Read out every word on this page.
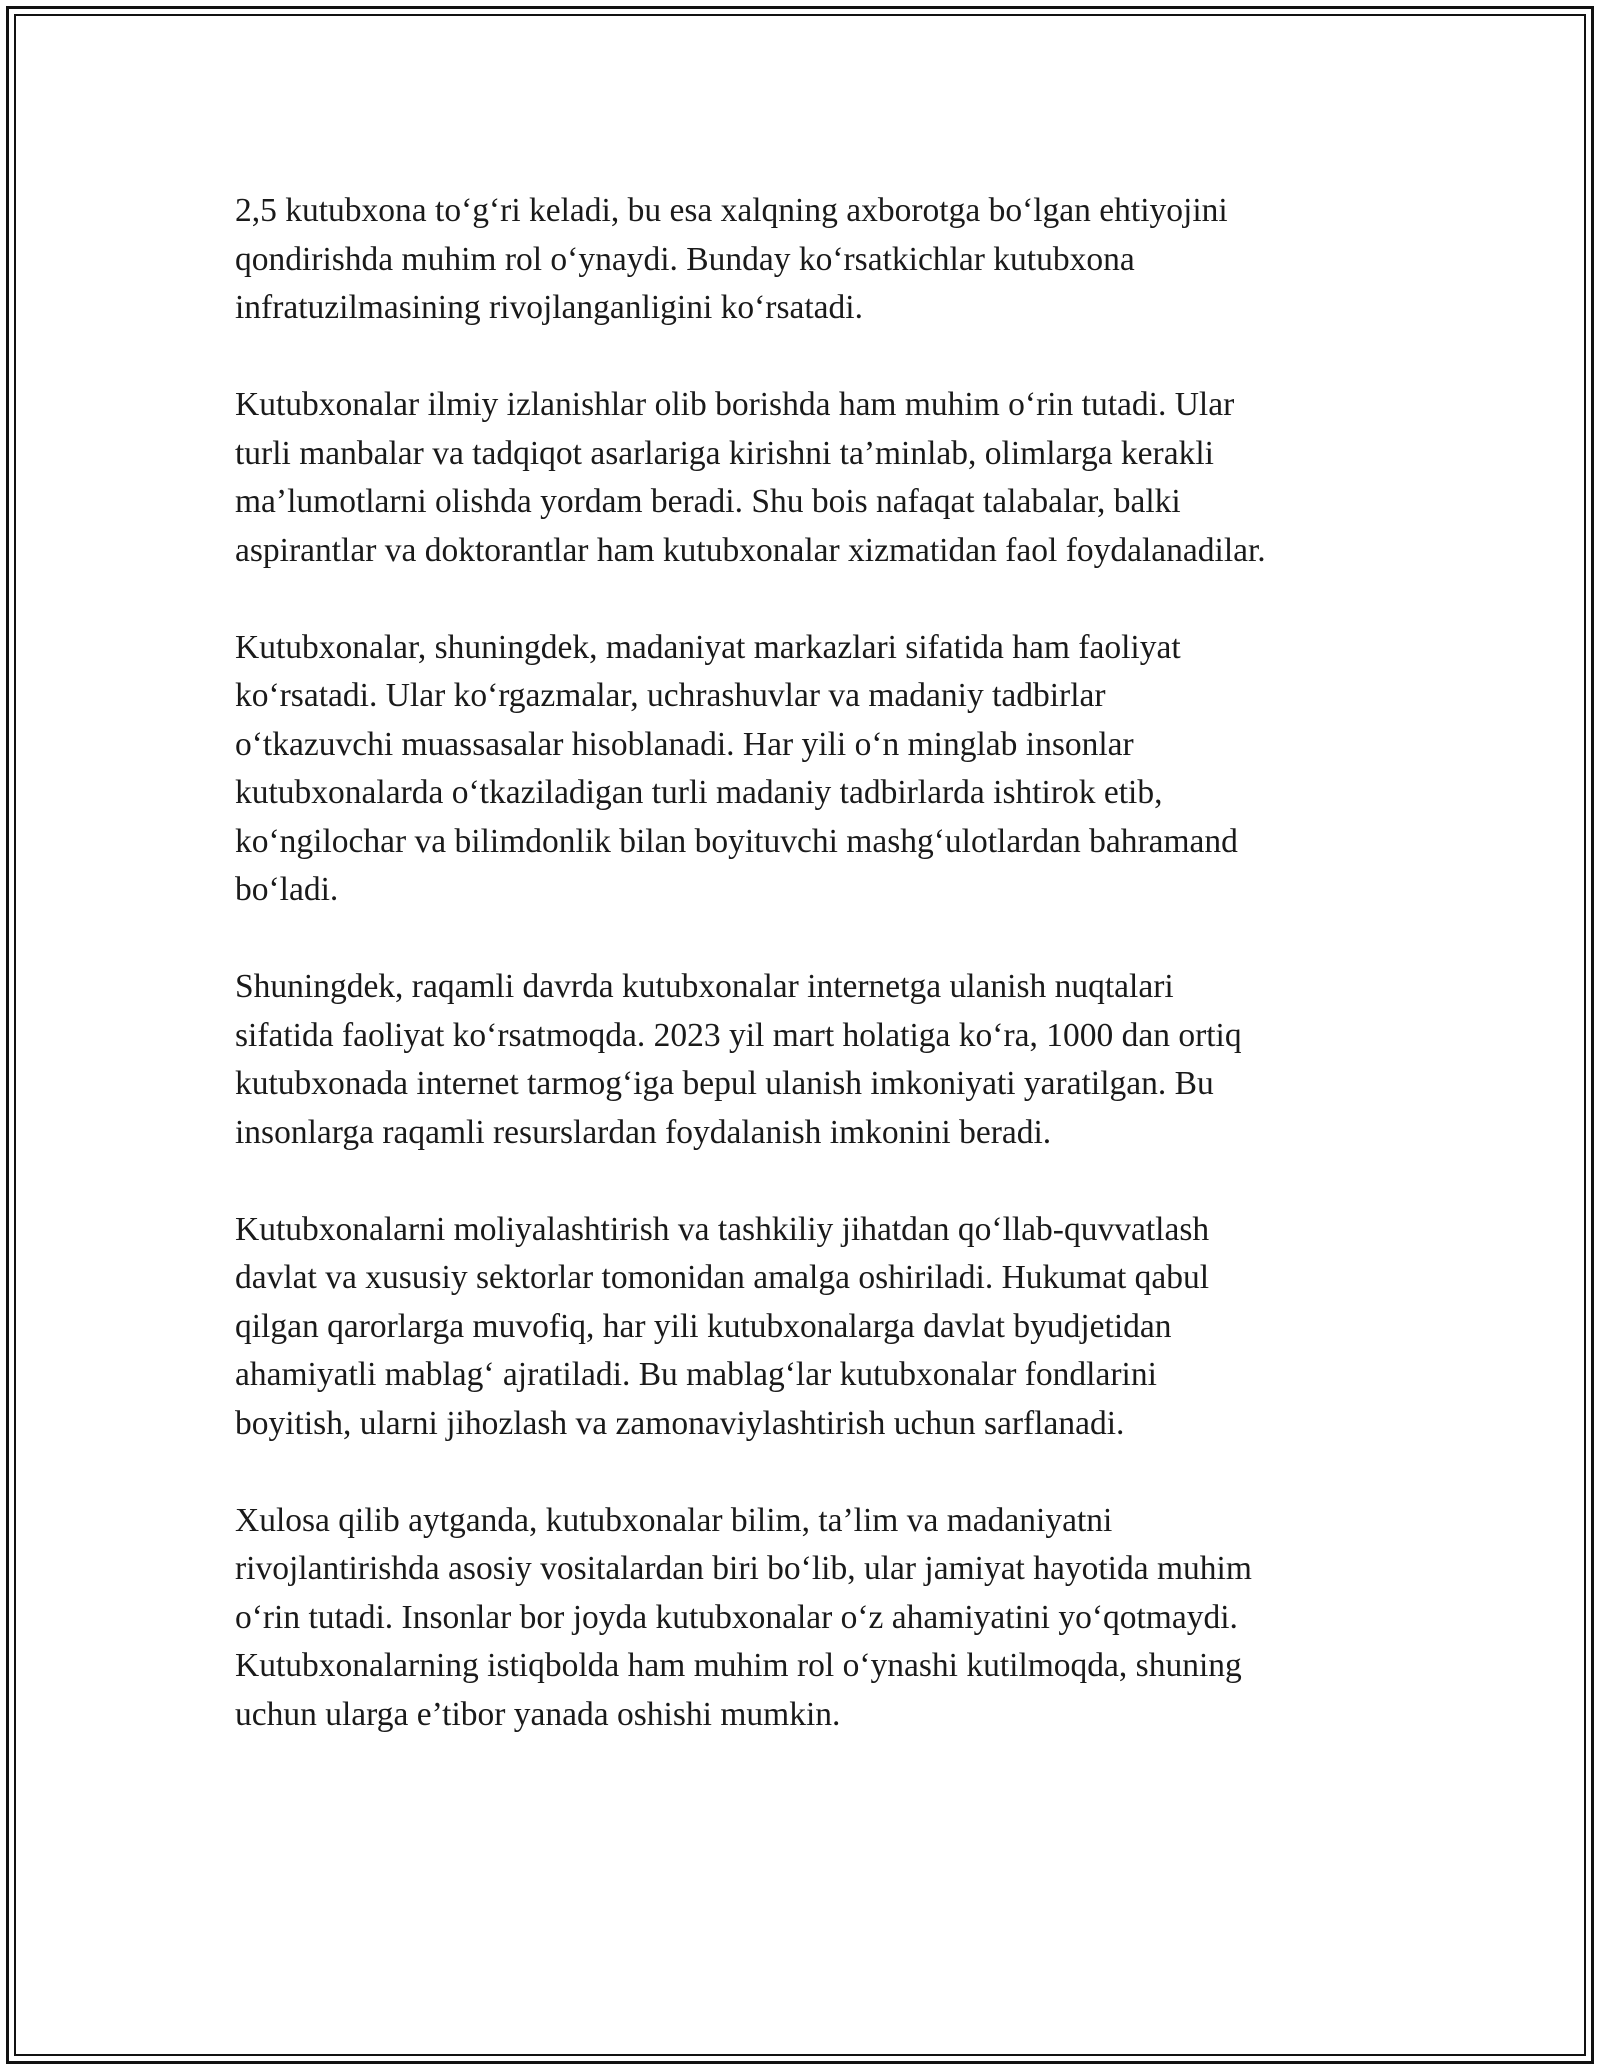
2,5 kutubxona to‘g‘ri keladi, bu esa xalqning axborotga bo‘lgan ehtiyojini
qondirishda muhim rol o‘ynaydi. Bunday ko‘rsatkichlar kutubxona
infratuzilmasining rivojlanganligini ko‘rsatadi.

Kutubxonalar ilmiy izlanishlar olib borishda ham muhim o‘rin tutadi. Ular
turli manbalar va tadqiqot asarlariga kirishni ta’minlab, olimlarga kerakli
ma’lumotlarni olishda yordam beradi. Shu bois nafaqat talabalar, balki
aspirantlar va doktorantlar ham kutubxonalar xizmatidan faol foydalanadilar.

Kutubxonalar, shuningdek, madaniyat markazlari sifatida ham faoliyat
ko‘rsatadi. Ular ko‘rgazmalar, uchrashuvlar va madaniy tadbirlar
o‘tkazuvchi muassasalar hisoblanadi. Har yili o‘n minglab insonlar
kutubxonalarda o‘tkaziladigan turli madaniy tadbirlarda ishtirok etib,
ko‘ngilochar va bilimdonlik bilan boyituvchi mashg‘ulotlardan bahramand
bo‘ladi.

Shuningdek, raqamli davrda kutubxonalar internetga ulanish nuqtalari
sifatida faoliyat ko‘rsatmoqda. 2023 yil mart holatiga ko‘ra, 1000 dan ortiq
kutubxonada internet tarmog‘iga bepul ulanish imkoniyati yaratilgan. Bu
insonlarga raqamli resurslardan foydalanish imkonini beradi.

Kutubxonalarni moliyalashtirish va tashkiliy jihatdan qo‘llab-quvvatlash
davlat va xususiy sektorlar tomonidan amalga oshiriladi. Hukumat qabul
qilgan qarorlarga muvofiq, har yili kutubxonalarga davlat byudjetidan
ahamiyatli mablag‘ ajratiladi. Bu mablag‘lar kutubxonalar fondlarini
boyitish, ularni jihozlash va zamonaviylashtirish uchun sarflanadi.

Xulosa qilib aytganda, kutubxonalar bilim, ta’lim va madaniyatni
rivojlantirishda asosiy vositalardan biri bo‘lib, ular jamiyat hayotida muhim
o‘rin tutadi. Insonlar bor joyda kutubxonalar o‘z ahamiyatini yo‘qotmaydi.
Kutubxonalarning istiqbolda ham muhim rol o‘ynashi kutilmoqda, shuning
uchun ularga e’tibor yanada oshishi mumkin.
